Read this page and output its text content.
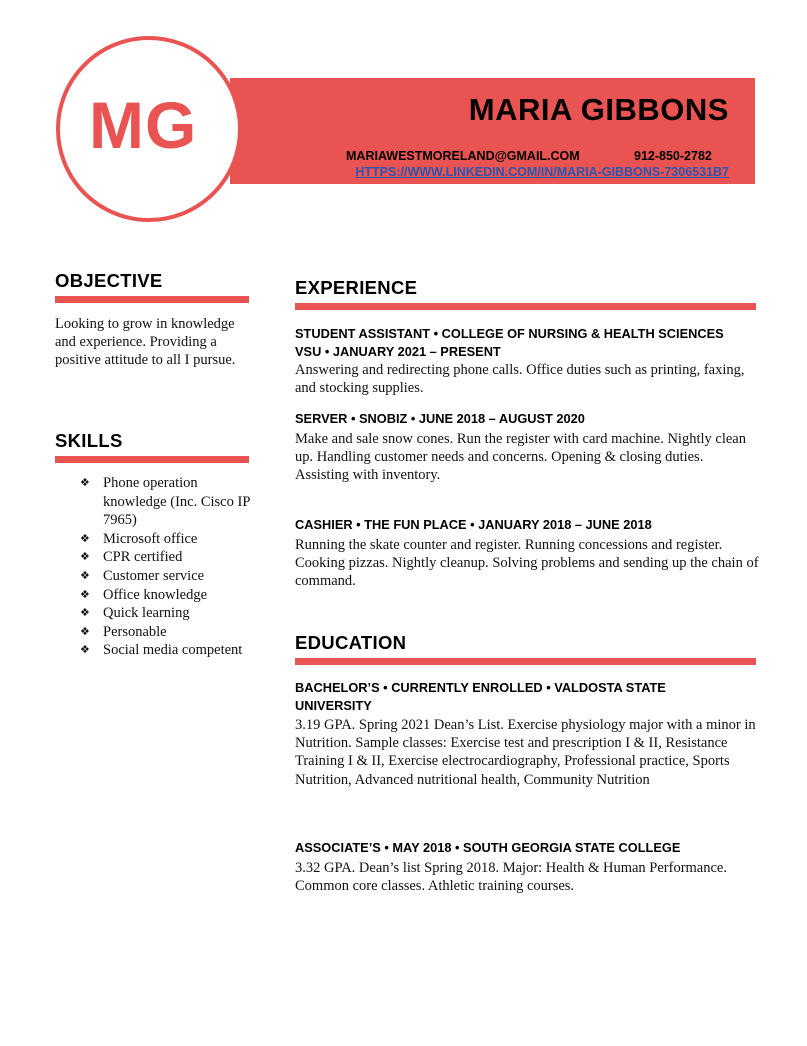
MG	MARIA GIBBONS
MARIAWESTMORELAND@GMAIL.COM	912-850-2782
HTTPS://WWW.LINKEDIN.COM/IN/MARIA-GIBBONS-7306531B7
OBJECTIVE

Looking to grow in knowledge and experience. Providing a positive attitude to all I pursue.

SKILLS
❖ Phone operation knowledge (Inc. Cisco IP 7965)
❖ Microsoft office
❖ CPR certified
❖ Customer service
❖ Office knowledge
❖ Quick learning
❖ Personable
❖ Social media competent
EXPERIENCE
STUDENT ASSISTANT • COLLEGE OF NURSING & HEALTH SCIENCES VSU • JANUARY 2021 – PRESENT

Answering and redirecting phone calls. Office duties such as printing, faxing, and stocking supplies.

SERVER • SNOBIZ • JUNE 2018 – AUGUST 2020

Make and sale snow cones. Run the register with card machine. Nightly clean up. Handling customer needs and concerns. Opening & closing duties. Assisting with inventory.

CASHIER • THE FUN PLACE • JANUARY 2018 – JUNE 2018

Running the skate counter and register. Running concessions and register. Cooking pizzas. Nightly cleanup. Solving problems and sending up the chain of command.

EDUCATION
BACHELOR’S • CURRENTLY ENROLLED • VALDOSTA STATE UNIVERSITY

3.19 GPA. Spring 2021 Dean’s List. Exercise physiology major with a minor in Nutrition. Sample classes: Exercise test and prescription I & II, Resistance Training I & II, Exercise electrocardiography, Professional practice, Sports Nutrition, Advanced nutritional health, Community Nutrition

ASSOCIATE’S • MAY 2018 • SOUTH GEORGIA STATE COLLEGE

3.32 GPA. Dean’s list Spring 2018. Major: Health & Human Performance. Common core classes. Athletic training courses.
